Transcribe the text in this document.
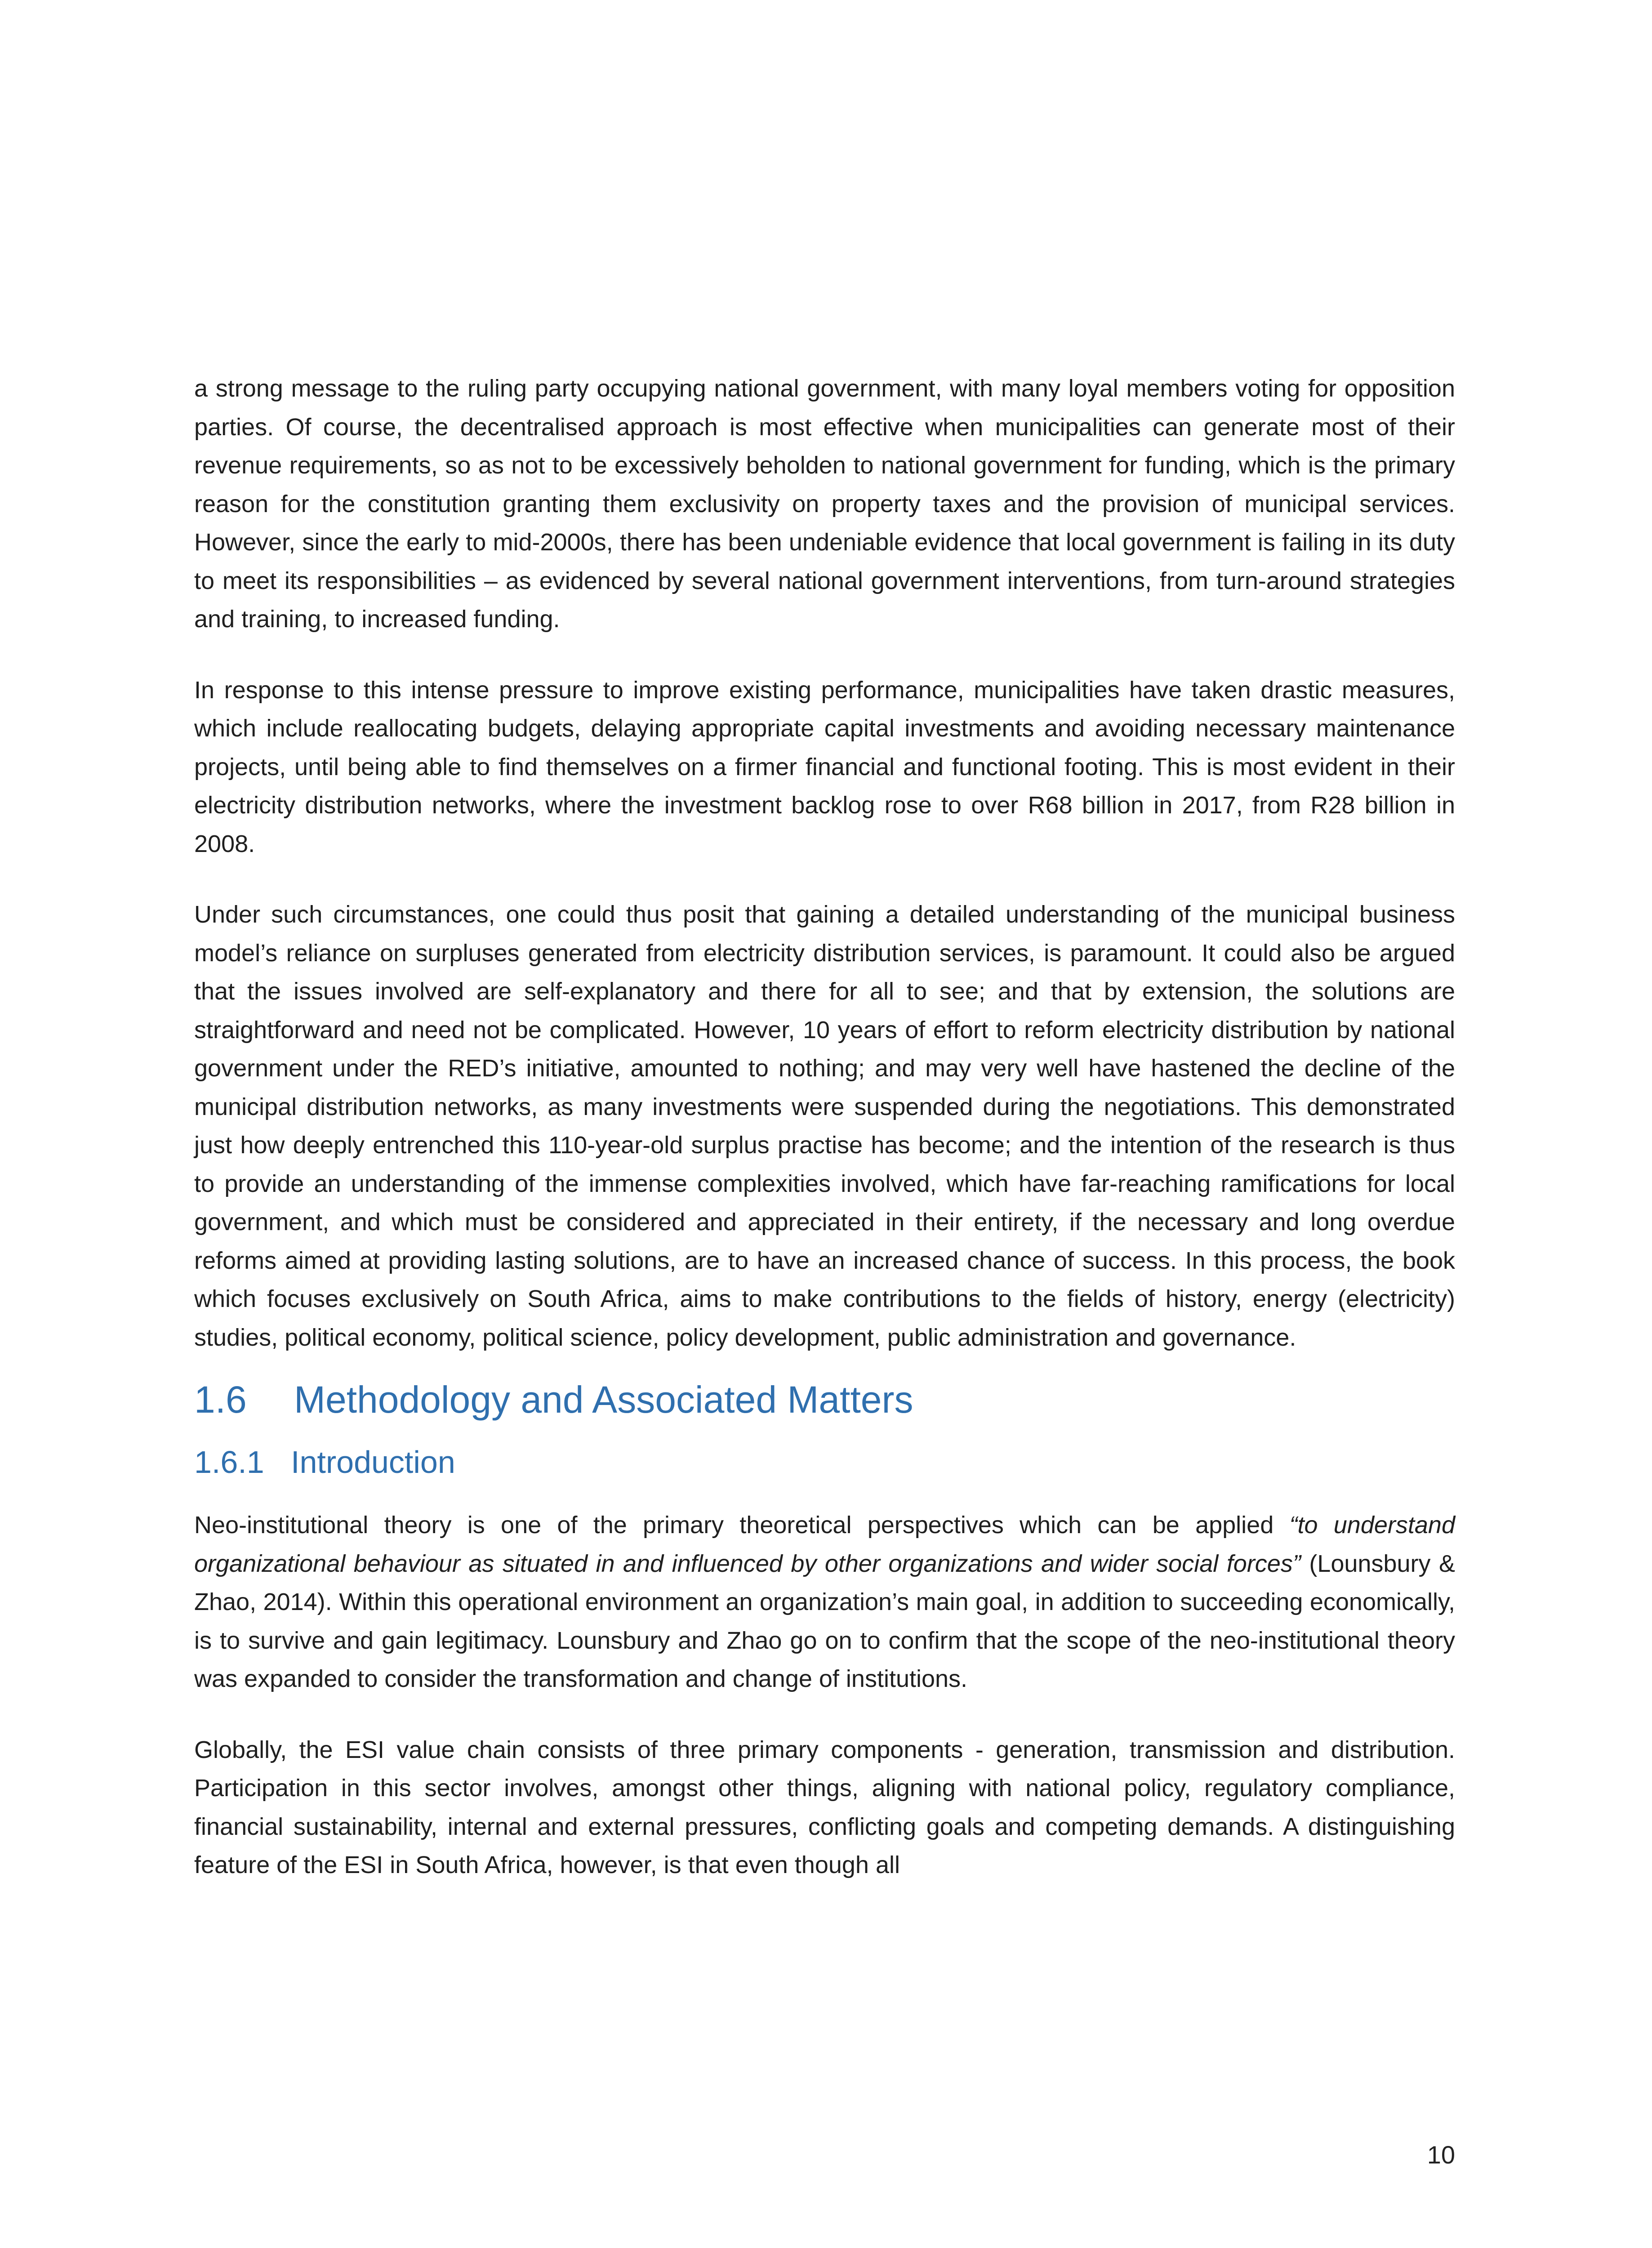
a strong message to the ruling party occupying national government, with many loyal members voting for opposition parties. Of course, the decentralised approach is most effective when municipalities can generate most of their revenue requirements, so as not to be excessively beholden to national government for funding, which is the primary reason for the constitution granting them exclusivity on property taxes and the provision of municipal services. However, since the early to mid-2000s, there has been undeniable evidence that local government is failing in its duty to meet its responsibilities – as evidenced by several national government interventions, from turn-around strategies and training, to increased funding.

In response to this intense pressure to improve existing performance, municipalities have taken drastic measures, which include reallocating budgets, delaying appropriate capital investments and avoiding necessary maintenance projects, until being able to find themselves on a firmer financial and functional footing. This is most evident in their electricity distribution networks, where the investment backlog rose to over R68 billion in 2017, from R28 billion in 2008.

Under such circumstances, one could thus posit that gaining a detailed understanding of the municipal business model’s reliance on surpluses generated from electricity distribution services, is paramount. It could also be argued that the issues involved are self-explanatory and there for all to see; and that by extension, the solutions are straightforward and need not be complicated. However, 10 years of effort to reform electricity distribution by national government under the RED’s initiative, amounted to nothing; and may very well have hastened the decline of the municipal distribution networks, as many investments were suspended during the negotiations. This demonstrated just how deeply entrenched this 110-year-old surplus practise has become; and the intention of the research is thus to provide an understanding of the immense complexities involved, which have far-reaching ramifications for local government, and which must be considered and appreciated in their entirety, if the necessary and long overdue reforms aimed at providing lasting solutions, are to have an increased chance of success. In this process, the book which focuses exclusively on South Africa, aims to make contributions to the fields of history, energy (electricity) studies, political economy, political science, policy development, public administration and governance.

1.6 Methodology and Associated Matters
1.6.1 Introduction

Neo-institutional theory is one of the primary theoretical perspectives which can be applied “to understand organizational behaviour as situated in and influenced by other organizations and wider social forces” (Lounsbury & Zhao, 2014). Within this operational environment an organization’s main goal, in addition to succeeding economically, is to survive and gain legitimacy. Lounsbury and Zhao go on to confirm that the scope of the neo-institutional theory was expanded to consider the transformation and change of institutions.

Globally, the ESI value chain consists of three primary components - generation, transmission and distribution. Participation in this sector involves, amongst other things, aligning with national policy, regulatory compliance, financial sustainability, internal and external pressures, conflicting goals and competing demands. A distinguishing feature of the ESI in South Africa, however, is that even though all

10
